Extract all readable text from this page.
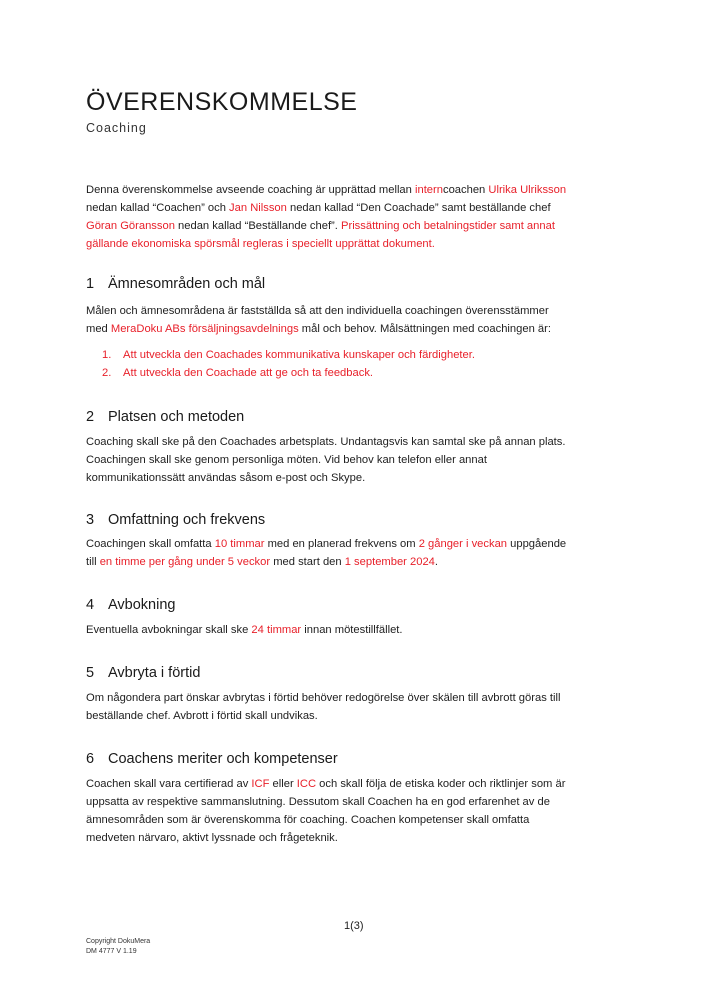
ÖVERENSKOMMELSE
Coaching
Denna överenskommelse avseende coaching är upprättad mellan interncoachen Ulrika Ulriksson
nedan kallad “Coachen” och Jan Nilsson nedan kallad “Den Coachade” samt beställande chef
Göran Göransson nedan kallad “Beställande chef”. Prissättning och betalningstider samt annat
gällande ekonomiska spörsmål regleras i speciellt upprättat dokument.
1 Ämnesområden och mål
Målen och ämnesområdena är fastställda så att den individuella coachingen överensstämmer
med MeraDoku ABs försäljningsavdelnings mål och behov. Målsättningen med coachingen är:
1. Att utveckla den Coachades kommunikativa kunskaper och färdigheter.
2. Att utveckla den Coachade att ge och ta feedback.
2 Platsen och metoden
Coaching skall ske på den Coachades arbetsplats. Undantagsvis kan samtal ske på annan plats.
Coachingen skall ske genom personliga möten. Vid behov kan telefon eller annat
kommunikationssätt användas såsom e-post och Skype.
3 Omfattning och frekvens
Coachingen skall omfatta 10 timmar med en planerad frekvens om 2 gånger i veckan uppgående
till en timme per gång under 5 veckor med start den 1 september 2024.
4 Avbokning
Eventuella avbokningar skall ske 24 timmar innan mötestillfället.
5 Avbryta i förtid
Om någondera part önskar avbrytas i förtid behöver redogörelse över skälen till avbrott göras till
beställande chef. Avbrott i förtid skall undvikas.
6 Coachens meriter och kompetenser
Coachen skall vara certifierad av ICF eller ICC och skall följa de etiska koder och riktlinjer som är
uppsatta av respektive sammanslutning. Dessutom skall Coachen ha en god erfarenhet av de
ämnesområden som är överenskomma för coaching. Coachen kompetenser skall omfatta
medveten närvaro, aktivt lyssnade och frågeteknik.
1(3)
Copyright DokuMera
DM 4777 V 1.19
